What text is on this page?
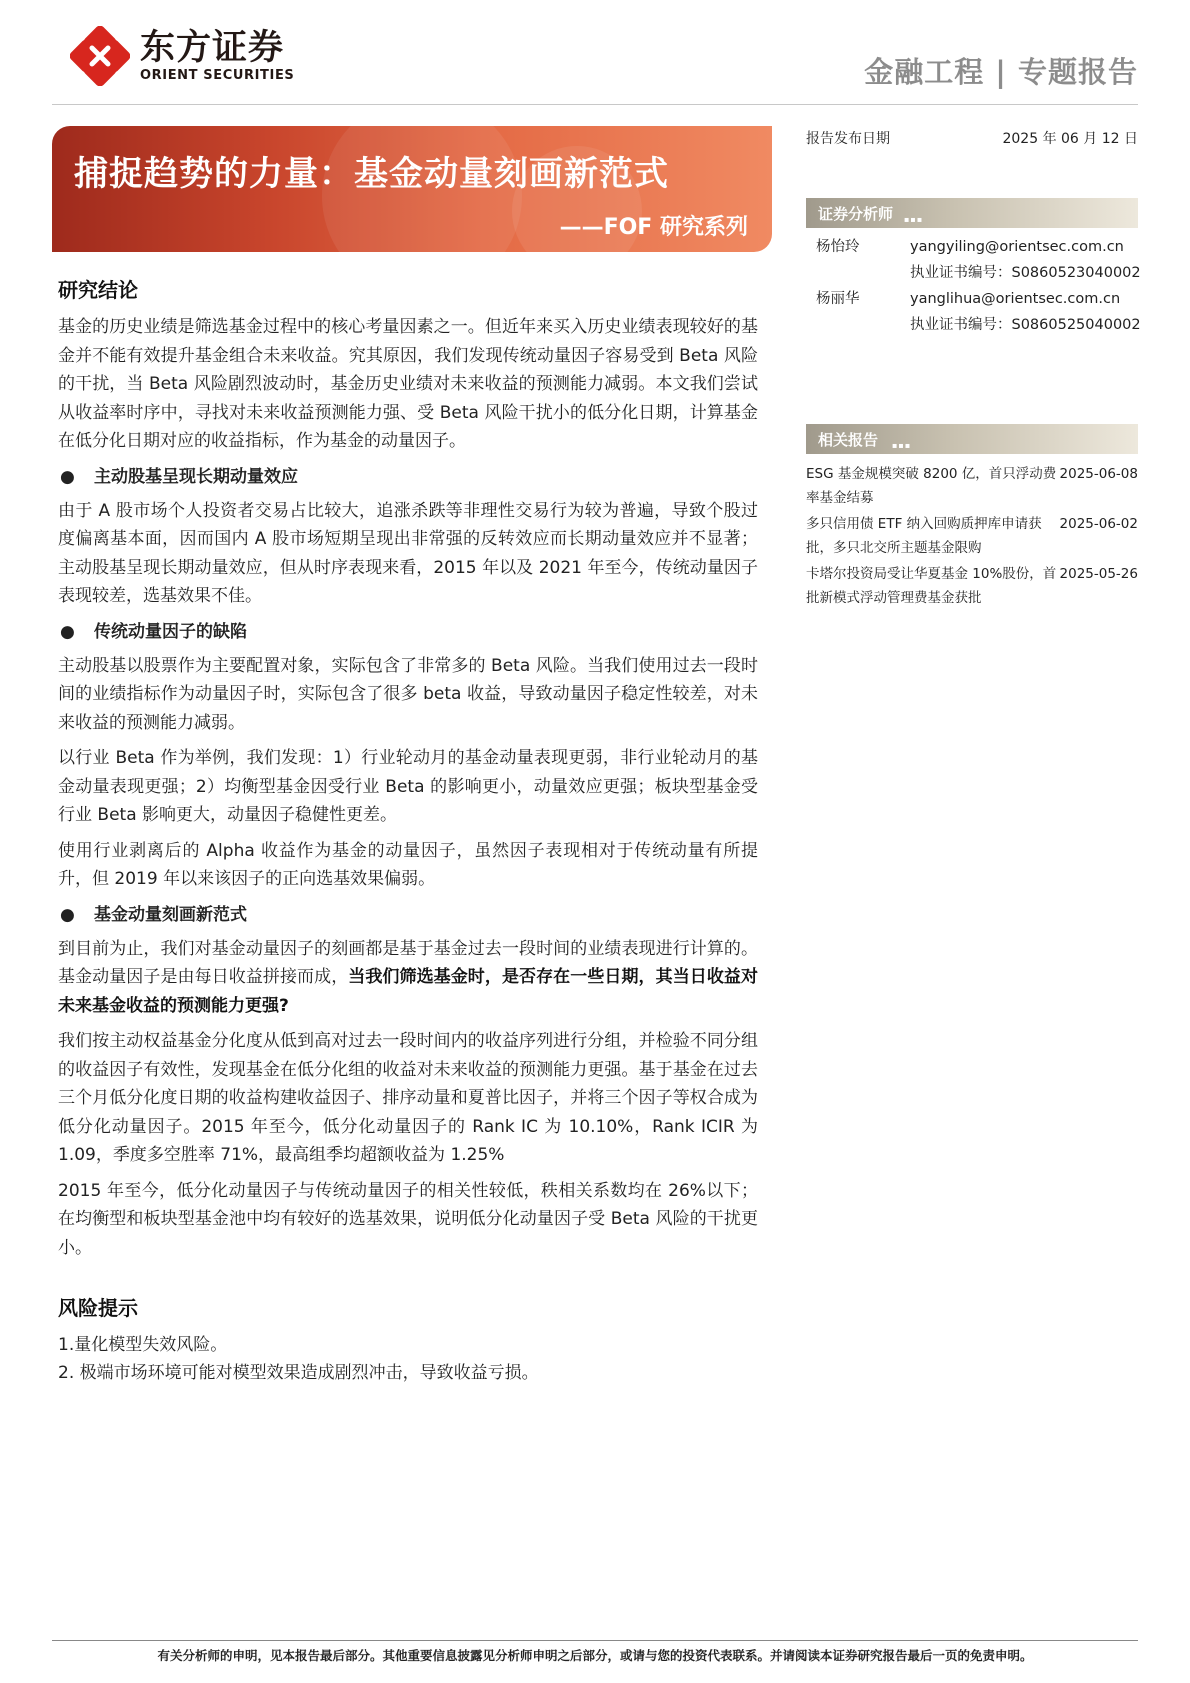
东方证券
ORIENT SECURITIES	金融工程 | 专题报告
捕捉趋势的力量：基金动量刻画新范式
——FOF 研究系列
研究结论

基金的历史业绩是筛选基金过程中的核心考量因素之一。但近年来买入历史业绩表现较好的基金并不能有效提升基金组合未来收益。究其原因，我们发现传统动量因子容易受到 Beta 风险的干扰，当 Beta 风险剧烈波动时，基金历史业绩对未来收益的预测能力减弱。本文我们尝试从收益率时序中，寻找对未来收益预测能力强、受 Beta 风险干扰小的低分化日期，计算基金在低分化日期对应的收益指标，作为基金的动量因子。

●	主动股基呈现长期动量效应

由于 A 股市场个人投资者交易占比较大，追涨杀跌等非理性交易行为较为普遍，导致个股过度偏离基本面，因而国内 A 股市场短期呈现出非常强的反转效应而长期动量效应并不显著；主动股基呈现长期动量效应，但从时序表现来看，2015 年以及 2021 年至今，传统动量因子表现较差，选基效果不佳。

●	传统动量因子的缺陷

主动股基以股票作为主要配置对象，实际包含了非常多的 Beta 风险。当我们使用过去一段时间的业绩指标作为动量因子时，实际包含了很多 beta 收益，导致动量因子稳定性较差，对未来收益的预测能力减弱。

以行业 Beta 作为举例，我们发现：1）行业轮动月的基金动量表现更弱，非行业轮动月的基金动量表现更强；2）均衡型基金因受行业 Beta 的影响更小，动量效应更强；板块型基金受行业 Beta 影响更大，动量因子稳健性更差。

使用行业剥离后的 Alpha 收益作为基金的动量因子，虽然因子表现相对于传统动量有所提升，但 2019 年以来该因子的正向选基效果偏弱。

●	基金动量刻画新范式

到目前为止，我们对基金动量因子的刻画都是基于基金过去一段时间的业绩表现进行计算的。基金动量因子是由每日收益拼接而成，当我们筛选基金时，是否存在一些日期，其当日收益对未来基金收益的预测能力更强?

我们按主动权益基金分化度从低到高对过去一段时间内的收益序列进行分组，并检验不同分组的收益因子有效性，发现基金在低分化组的收益对未来收益的预测能力更强。基于基金在过去三个月低分化度日期的收益构建收益因子、排序动量和夏普比因子，并将三个因子等权合成为低分化动量因子。2015 年至今，低分化动量因子的 Rank IC 为 10.10%，Rank ICIR 为 1.09，季度多空胜率 71%，最高组季均超额收益为 1.25%

2015 年至今，低分化动量因子与传统动量因子的相关性较低，秩相关系数均在 26%以下；在均衡型和板块型基金池中均有较好的选基效果，说明低分化动量因子受 Beta 风险的干扰更小。

风险提示

1.量化模型失效风险。

2. 极端市场环境可能对模型效果造成剧烈冲击，导致收益亏损。

报告发布日期	2025 年 06 月 12 日
证券分析师 ▪▪▪
杨怡玲	yangyiling@orientsec.com.cn
执业证书编号：S0860523040002
杨丽华	yanglihua@orientsec.com.cn
执业证书编号：S0860525040002
相关报告 ▪▪▪
ESG 基金规模突破 8200 亿，首只浮动费
率基金结募
2025-06-08
多只信用债 ETF 纳入回购质押库申请获
批，多只北交所主题基金限购
2025-06-02
卡塔尔投资局受让华夏基金 10%股份，首
批新模式浮动管理费基金获批
2025-05-26
有关分析师的申明，见本报告最后部分。其他重要信息披露见分析师申明之后部分，或请与您的投资代表联系。并请阅读本证券研究报告最后一页的免责申明。
